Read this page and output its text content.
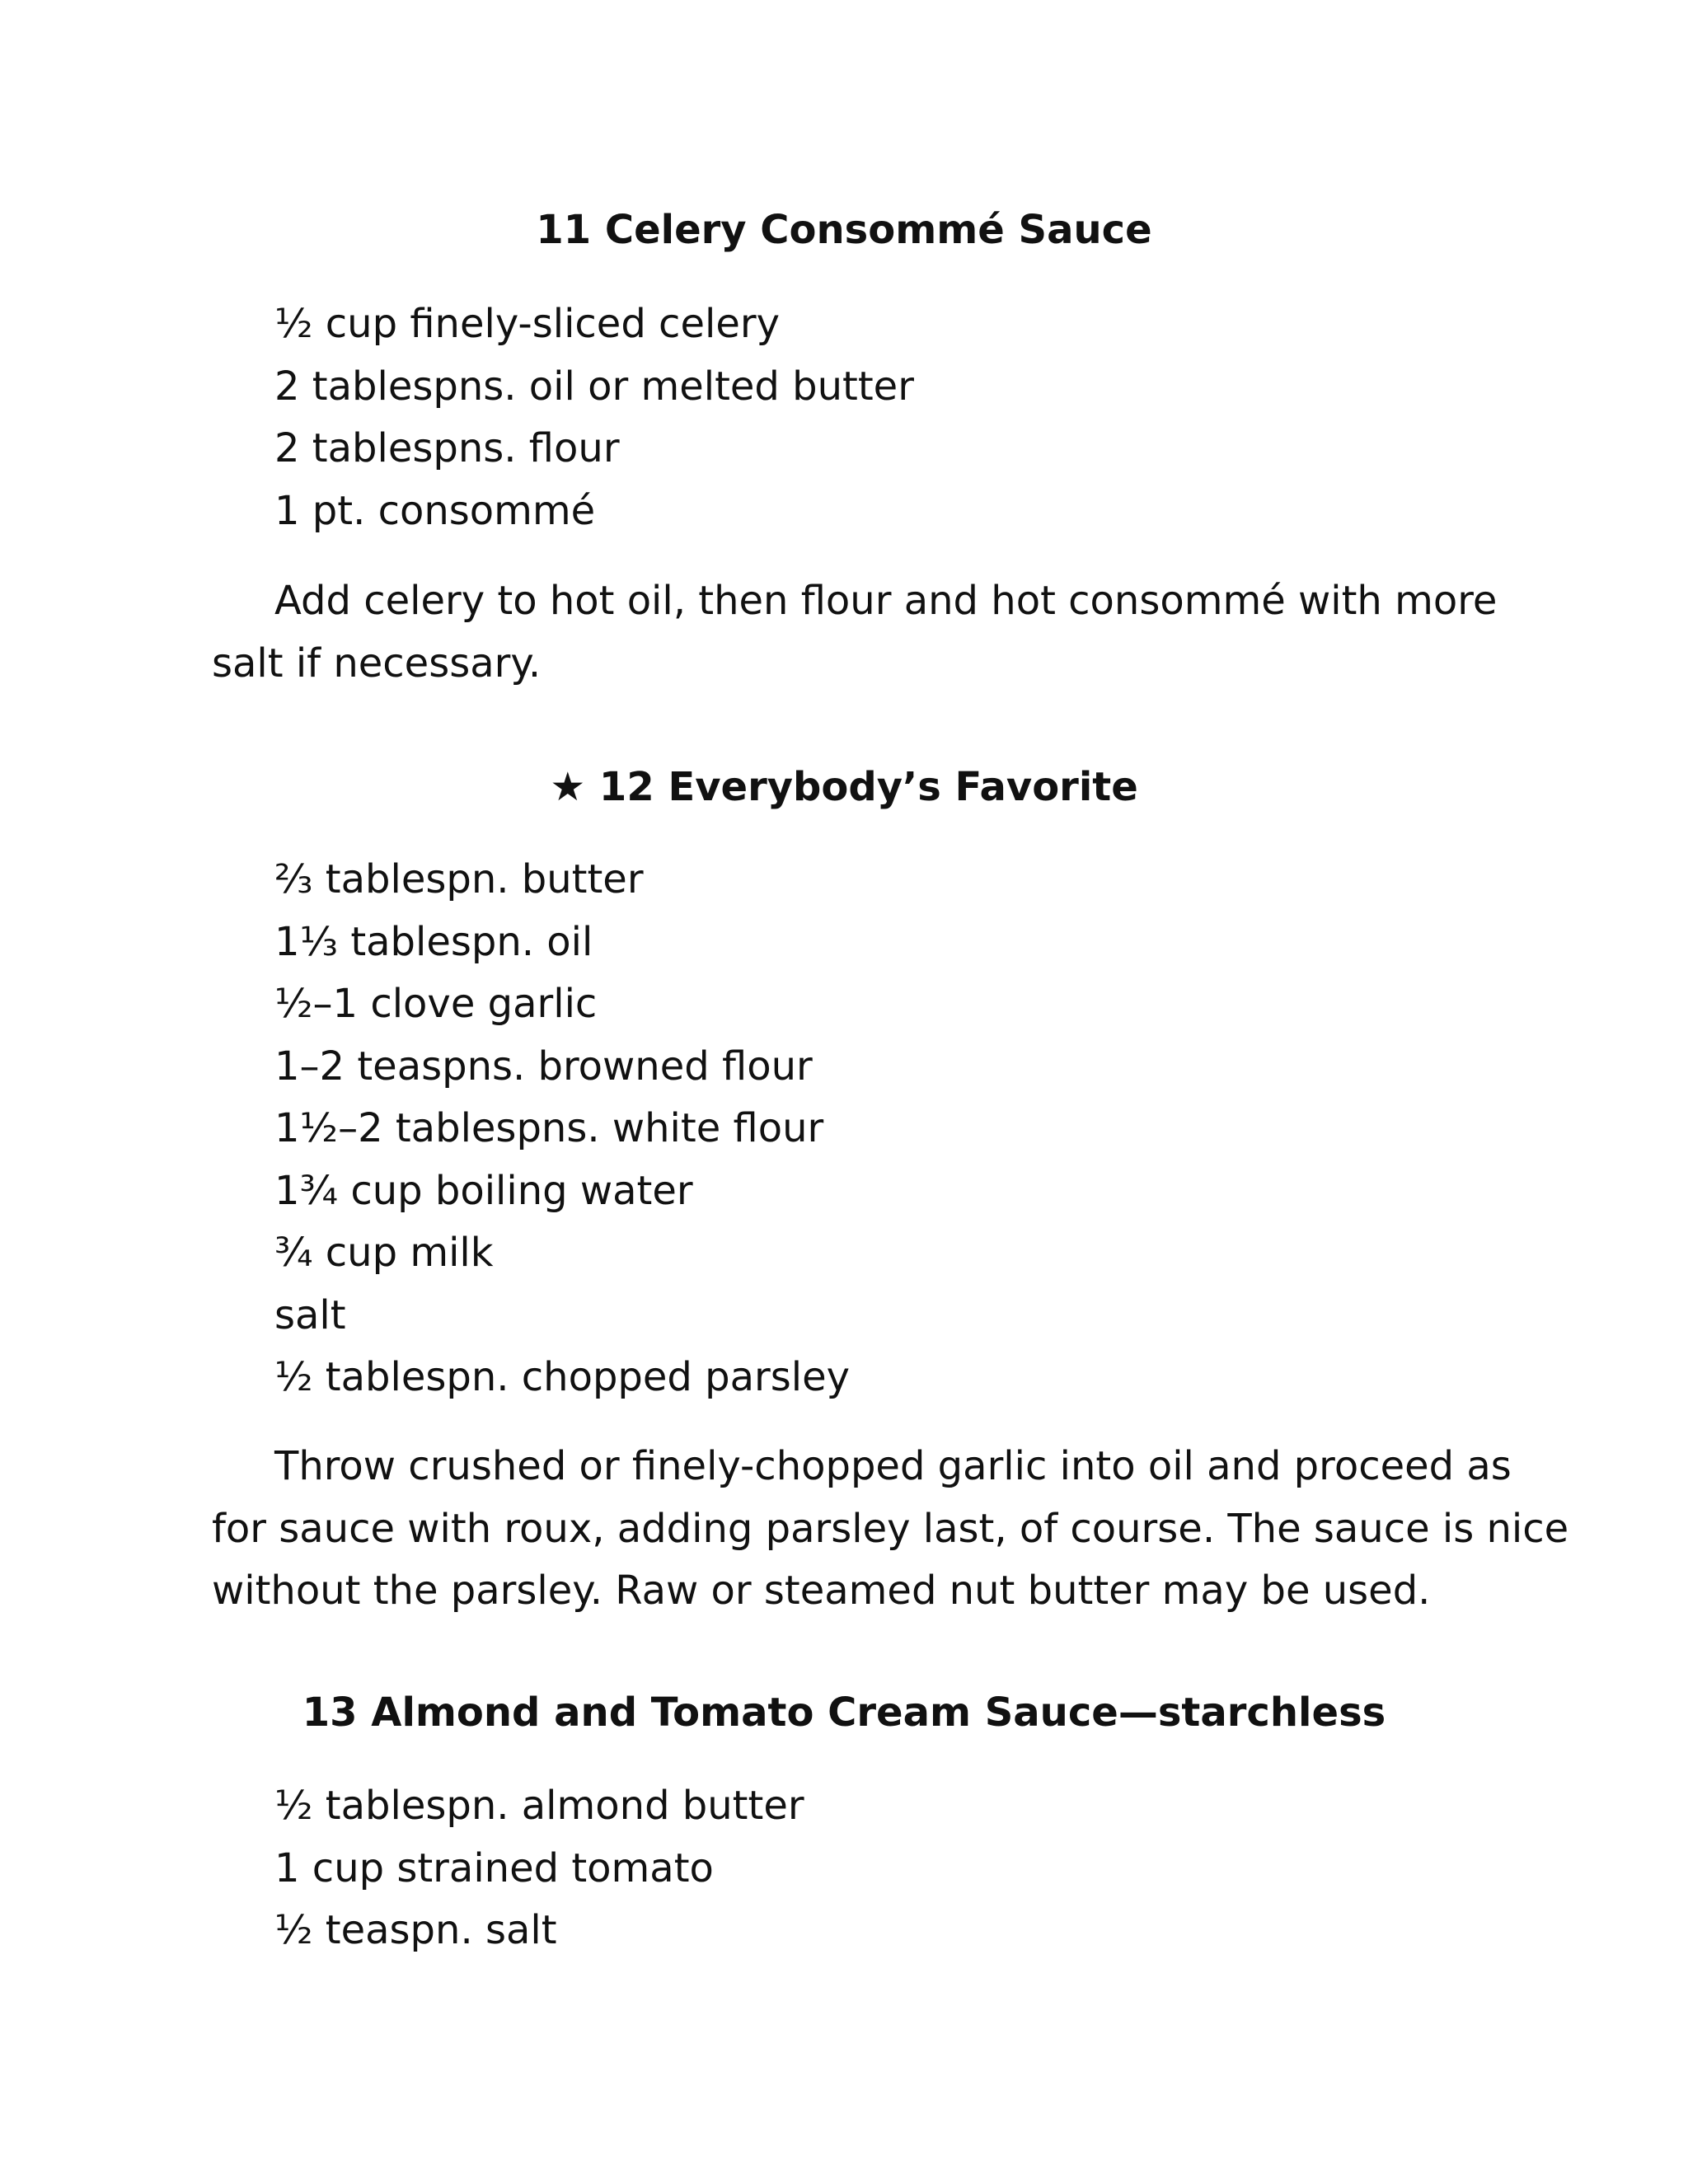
11 Celery Consommé Sauce
½ cup finely-sliced celery
2 tablespns. oil or melted butter
2 tablespns. flour
1 pt. consommé
Add celery to hot oil, then flour and hot consommé with more
salt if necessary.
★ 12 Everybody’s Favorite
⅔ tablespn. butter
1⅓ tablespn. oil
½–1 clove garlic
1–2 teaspns. browned flour
1½–2 tablespns. white flour
1¾ cup boiling water
¾ cup milk
salt
½ tablespn. chopped parsley
Throw crushed or finely-chopped garlic into oil and proceed as
for sauce with roux, adding parsley last, of course. The sauce is nice
without the parsley. Raw or steamed nut butter may be used.
13 Almond and Tomato Cream Sauce—starchless
½ tablespn. almond butter
1 cup strained tomato
½ teaspn. salt
